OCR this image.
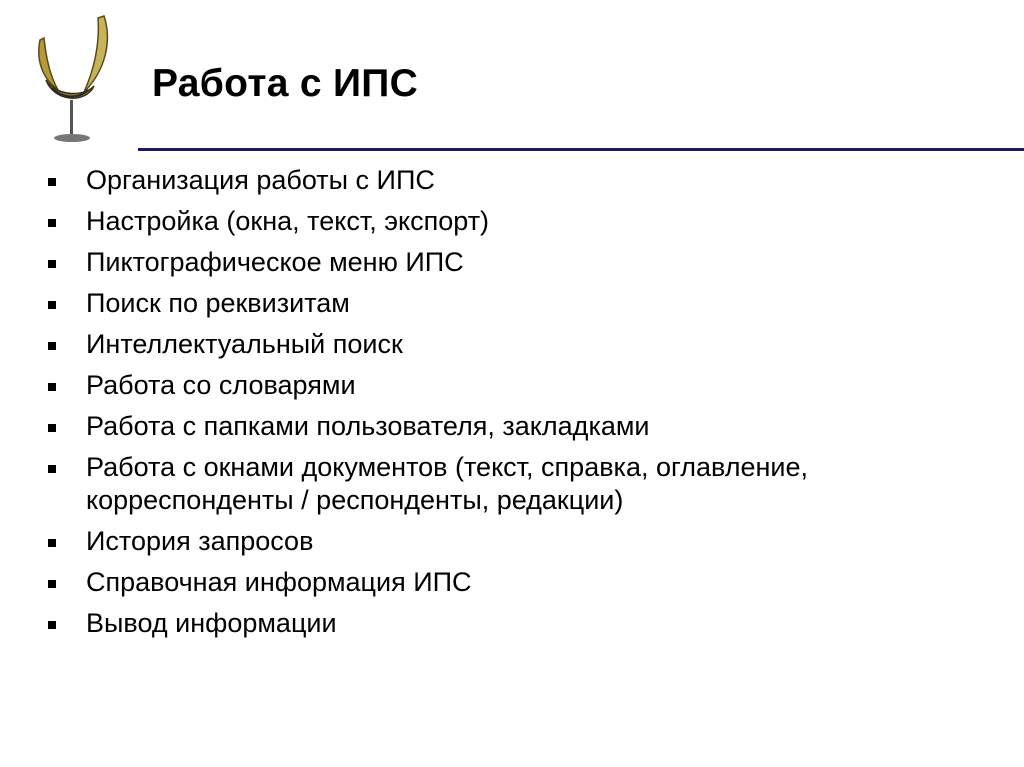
Работа с ИПС
Организация работы с ИПС
Настройка (окна, текст, экспорт)
Пиктографическое меню ИПС
Поиск по реквизитам
Интеллектуальный поиск
Работа со словарями
Работа с папками пользователя, закладками
Работа с окнами документов (текст, справка, оглавление, корреспонденты / респонденты, редакции)
История запросов
Справочная информация ИПС
Вывод информации
